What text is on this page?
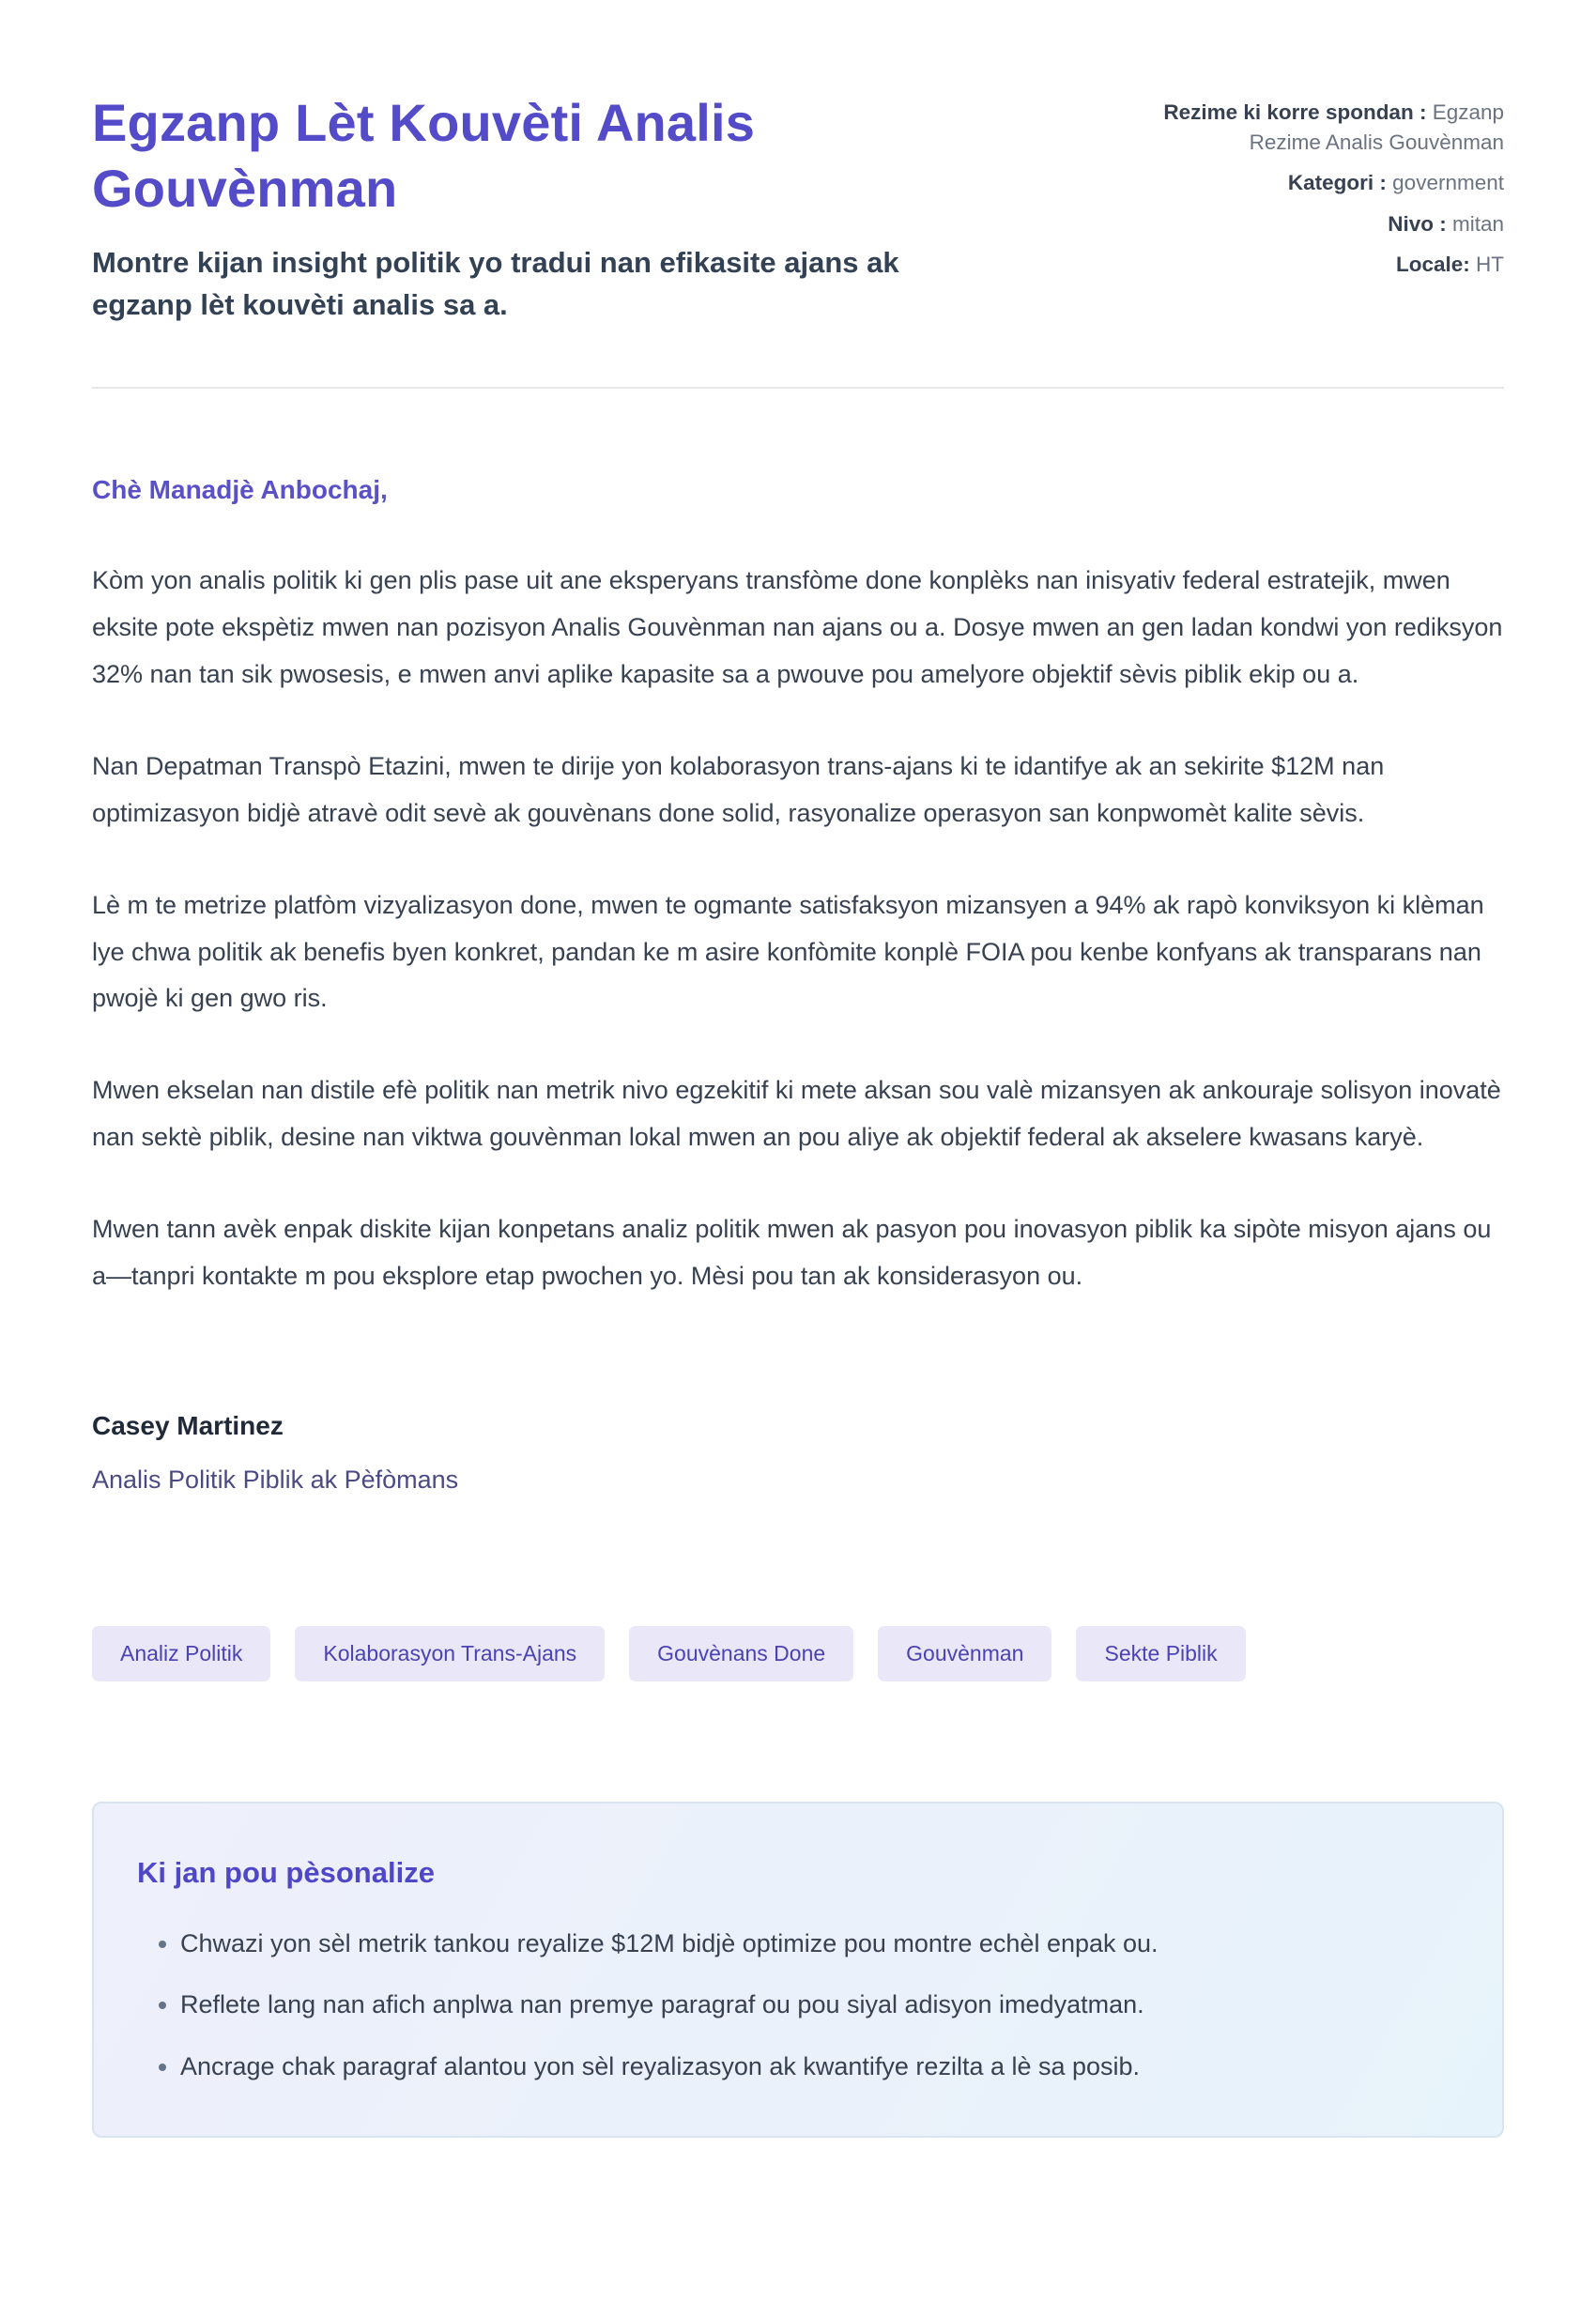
Egzanp Lèt Kouvèti Analis Gouvènman
Montre kijan insight politik yo tradui nan efikasite ajans ak egzanp lèt kouvèti analis sa a.
Rezime ki korre spondan : Egzanp Rezime Analis Gouvènman
Kategori : government
Nivo : mitan
Locale: HT
Chè Manadjè Anbochaj,

Kòm yon analis politik ki gen plis pase uit ane eksperyans transfòme done konplèks nan inisyativ federal estratejik, mwen eksite pote ekspètiz mwen nan pozisyon Analis Gouvènman nan ajans ou a. Dosye mwen an gen ladan kondwi yon rediksyon 32% nan tan sik pwosesis, e mwen anvi aplike kapasite sa a pwouve pou amelyore objektif sèvis piblik ekip ou a.

Nan Depatman Transpò Etazini, mwen te dirije yon kolaborasyon trans-ajans ki te idantifye ak an sekirite $12M nan optimizasyon bidjè atravè odit sevè ak gouvènans done solid, rasyonalize operasyon san konpwomèt kalite sèvis.

Lè m te metrize platfòm vizyalizasyon done, mwen te ogmante satisfaksyon mizansyen a 94% ak rapò konviksyon ki klèman lye chwa politik ak benefis byen konkret, pandan ke m asire konfòmite konplè FOIA pou kenbe konfyans ak transparans nan pwojè ki gen gwo ris.

Mwen ekselan nan distile efè politik nan metrik nivo egzekitif ki mete aksan sou valè mizansyen ak ankouraje solisyon inovatè nan sektè piblik, desine nan viktwa gouvènman lokal mwen an pou aliye ak objektif federal ak akselere kwasans karyè.

Mwen tann avèk enpak diskite kijan konpetans analiz politik mwen ak pasyon pou inovasyon piblik ka sipòte misyon ajans ou a—tanpri kontakte m pou eksplore etap pwochen yo. Mèsi pou tan ak konsiderasyon ou.

Casey Martinez
Analis Politik Piblik ak Pèfòmans
Analiz Politik	Kolaborasyon Trans-Ajans	Gouvènans Done	Gouvènman	Sekte Piblik
Ki jan pou pèsonalize
• Chwazi yon sèl metrik tankou reyalize $12M bidjè optimize pou montre echèl enpak ou.
• Reflete lang nan afich anplwa nan premye paragraf ou pou siyal adisyon imedyatman.
• Ancrage chak paragraf alantou yon sèl reyalizasyon ak kwantifye rezilta a lè sa posib.
